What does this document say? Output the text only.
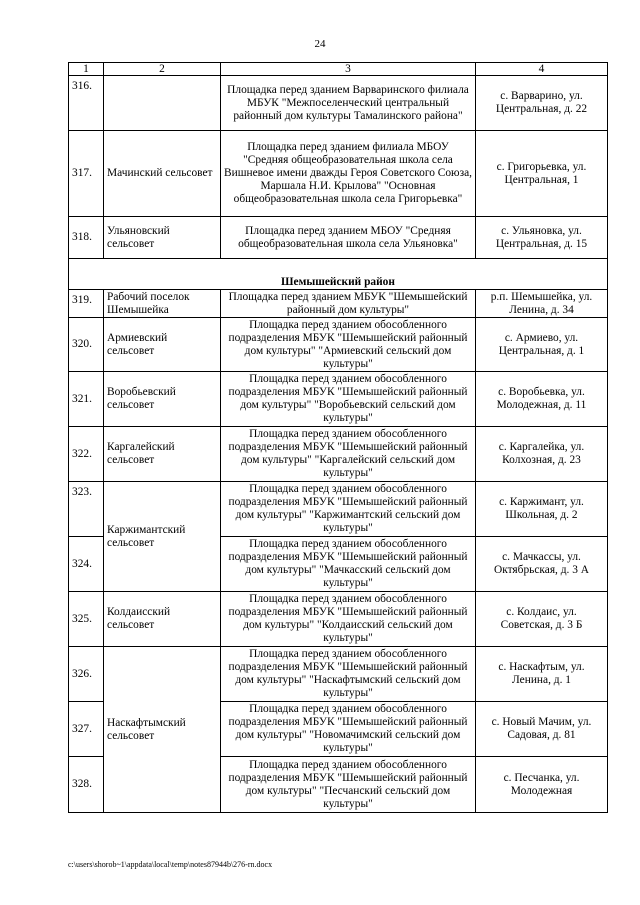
24
1	2	3	4
316.		Площадка перед зданием Варваринского филиала МБУК "Межпоселенческий центральный районный дом культуры Тамалинского района"	с. Варварино, ул. Центральная, д. 22
317.	Мачинский сельсовет	Площадка перед зданием филиала МБОУ "Средняя общеобразовательная школа села Вишневое имени дважды Героя Советского Союза, Маршала Н.И. Крылова" "Основная общеобразовательная школа села Григорьевка"	с. Григорьевка, ул. Центральная, 1
318.	Ульяновский сельсовет	Площадка перед зданием МБОУ "Средняя общеобразовательная школа села Ульяновка"	с. Ульяновка, ул. Центральная, д. 15
Шемышейский район			
319.	Рабочий поселок Шемышейка	Площадка перед зданием МБУК "Шемышейский районный дом культуры"	р.п. Шемышейка, ул. Ленина, д. 34
320.	Армиевский сельсовет	Площадка перед зданием обособленного подразделения МБУК "Шемышейский районный дом культуры" "Армиевский сельский дом культуры"	с. Армиево, ул. Центральная, д. 1
321.	Воробьевский сельсовет	Площадка перед зданием обособленного подразделения МБУК "Шемышейский районный дом культуры" "Воробьевский сельский дом культуры"	с. Воробьевка, ул. Молодежная, д. 11
322.	Каргалейский сельсовет	Площадка перед зданием обособленного подразделения МБУК "Шемышейский районный дом культуры" "Каргалейский сельский дом культуры"	с. Каргалейка, ул. Колхозная, д. 23
323.	Каржимантский сельсовет	Площадка перед зданием обособленного подразделения МБУК "Шемышейский районный дом культуры" "Каржимантский сельский дом культуры"	с. Каржимант, ул. Школьная, д. 2
324.		Площадка перед зданием обособленного подразделения МБУК "Шемышейский районный дом культуры" "Мачкасский сельский дом культуры"	с. Мачкассы, ул. Октябрьская, д. 3 А
325.	Колдаисский сельсовет	Площадка перед зданием обособленного подразделения МБУК "Шемышейский районный дом культуры" "Колдаисский сельский дом культуры"	с. Колдаис, ул. Советская, д. 3 Б
326.	Наскафтымский сельсовет	Площадка перед зданием обособленного подразделения МБУК "Шемышейский районный дом культуры" "Наскафтымский сельский дом культуры"	с. Наскафтым, ул. Ленина, д. 1
327.		Площадка перед зданием обособленного подразделения МБУК "Шемышейский районный дом культуры" "Новомачимский сельский дом культуры"	с. Новый Мачим, ул. Садовая, д. 81
328.		Площадка перед зданием обособленного подразделения МБУК "Шемышейский районный дом культуры" "Песчанский сельский дом культуры"	с. Песчанка, ул. Молодежная
c:\users\shorob~1\appdata\local\temp\notes87944b\276-rn.docx
